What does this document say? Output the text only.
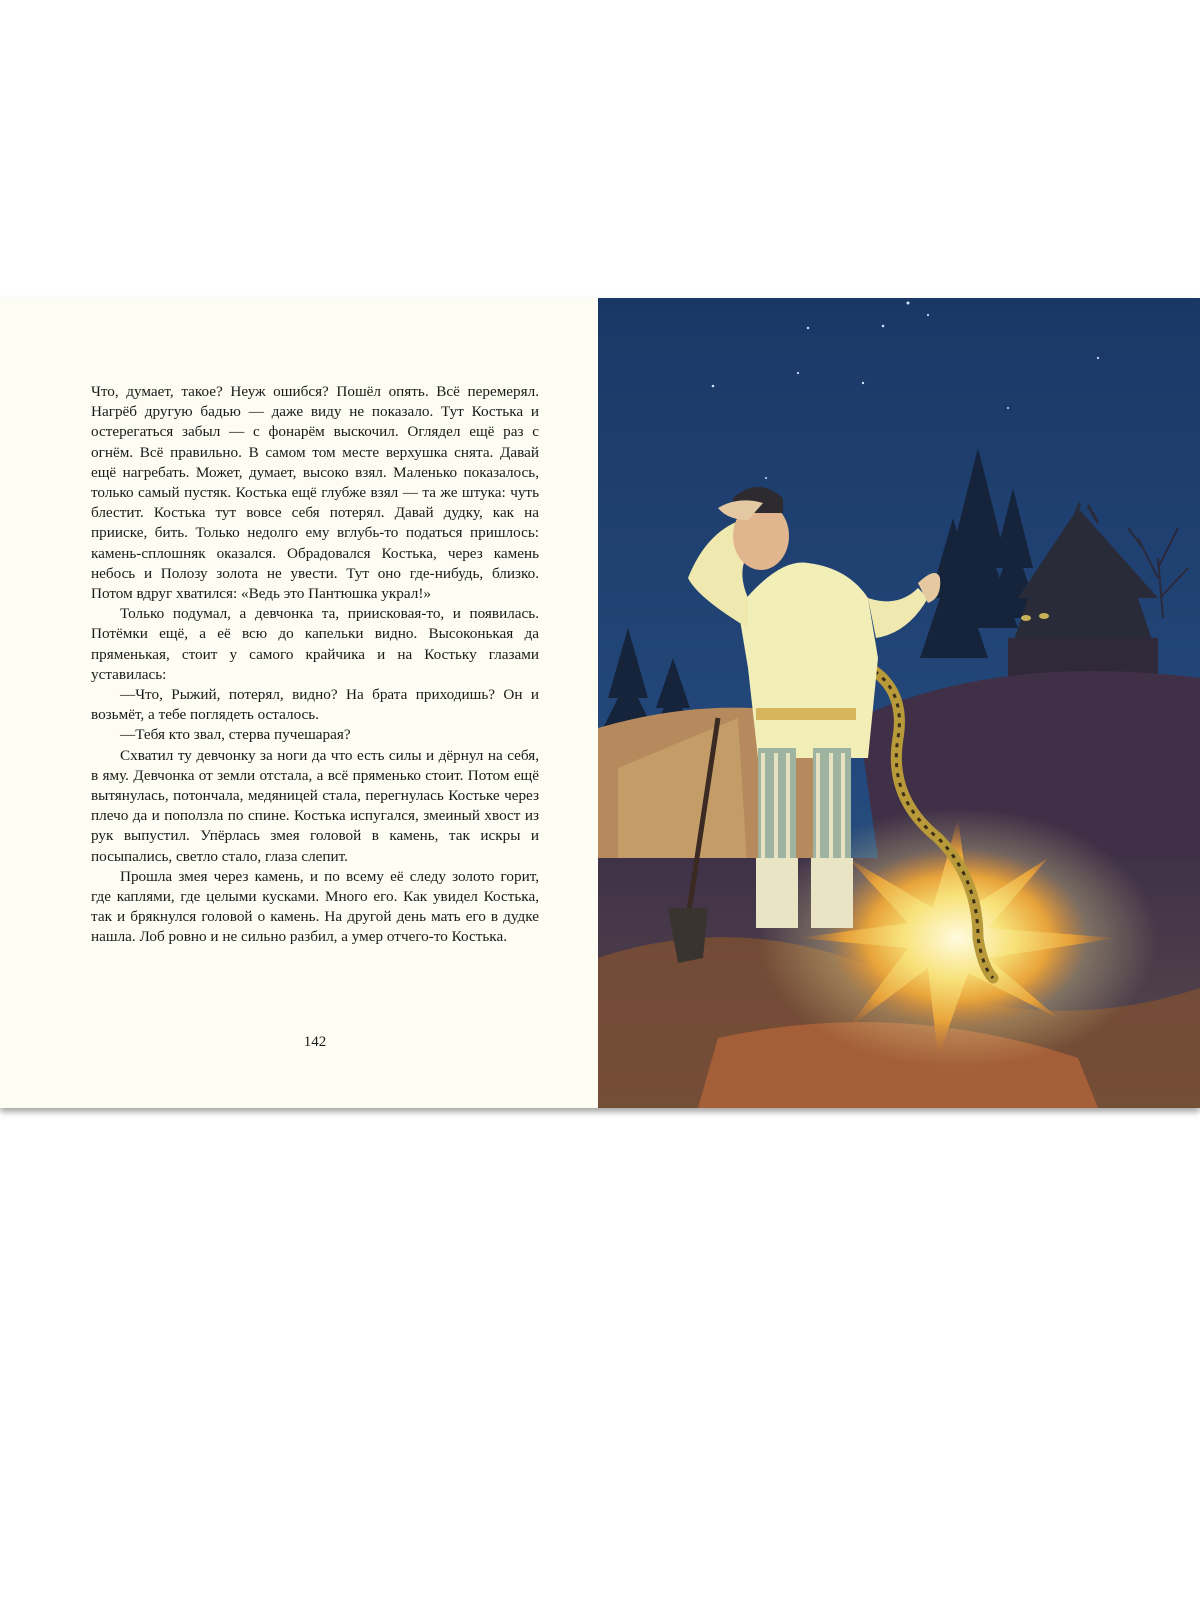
Что, думает, такое? Неуж ошибся? Пошёл опять. Всё перемерял. Нагрёб другую бадью — даже виду не показало. Тут Костька и остерегаться забыл — с фонарём выскочил. Оглядел ещё раз с огнём. Всё правильно. В самом том месте верхушка снята. Давай ещё нагребать. Может, думает, высоко взял. Маленько показалось, только самый пустяк. Костька ещё глубже взял — та же штука: чуть блестит. Костька тут вовсе себя потерял. Давай дудку, как на прииске, бить. Только недолго ему вглубь-то податься пришлось: камень-сплошняк оказался. Обрадовался Костька, через камень небось и Полозу золота не увести. Тут оно где-нибудь, близко. Потом вдруг хватился: «Ведь это Пантюшка украл!»

Только подумал, а девчонка та, приисковая-то, и появилась. Потёмки ещё, а её всю до капельки видно. Высоконькая да пряменькая, стоит у самого крайчика и на Костьку глазами уставилась:

—Что, Рыжий, потерял, видно? На брата приходишь? Он и возьмёт, а тебе поглядеть осталось.

—Тебя кто звал, стерва пучешарая?

Схватил ту девчонку за ноги да что есть силы и дёрнул на себя, в яму. Девчонка от земли отстала, а всё пряменько стоит. Потом ещё вытянулась, потончала, медяницей стала, перегнулась Костьке через плечо да и поползла по спине. Костька испугался, змеиный хвост из рук выпустил. Упёрлась змея головой в камень, так искры и посыпались, светло стало, глаза слепит.

Прошла змея через камень, и по всему её следу золото горит, где каплями, где целыми кусками. Много его. Как увидел Костька, так и брякнулся головой о камень. На другой день мать его в дудке нашла. Лоб ровно и не сильно разбил, а умер отчего-то Костька.

142
